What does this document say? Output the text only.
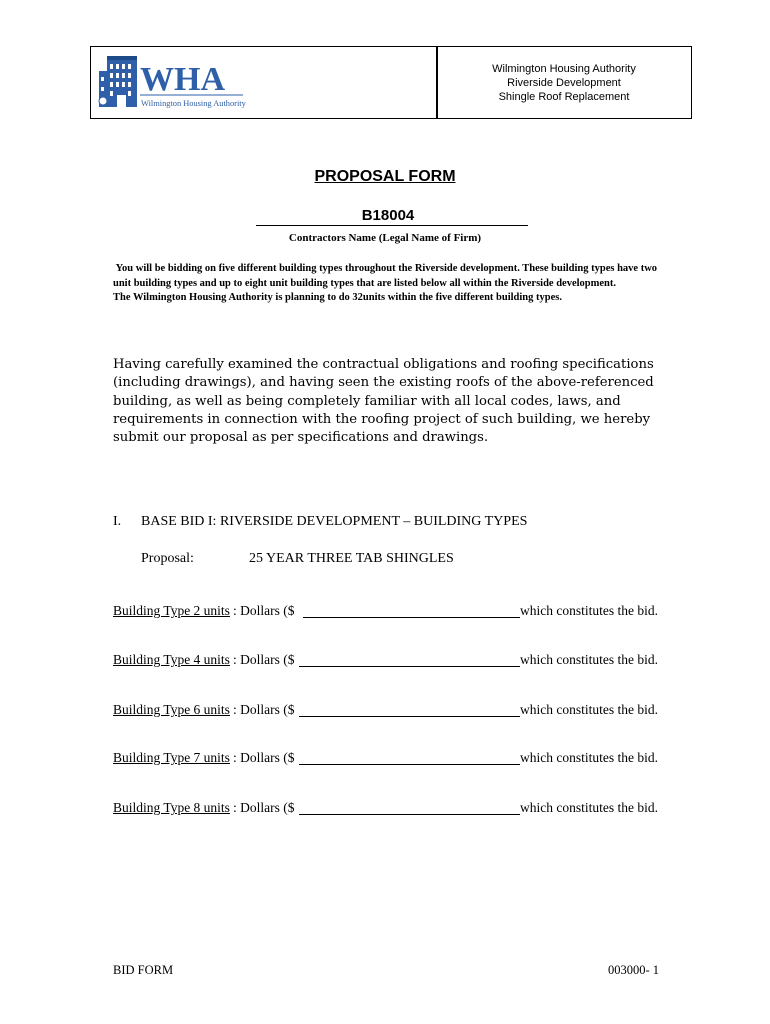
WHA
Wilmington Housing Authority
Wilmington Housing Authority
Riverside Development
Shingle Roof Replacement
PROPOSAL FORM
B18004
Contractors Name (Legal Name of Firm)

You will be bidding on five different building types throughout the Riverside development. These building types have two unit building types and up to eight unit building types that are listed below all within the Riverside development.

The Wilmington Housing Authority is planning to do 32units within the five different building types.

Having carefully examined the contractual obligations and roofing specifications (including drawings), and having seen the existing roofs of the above-referenced building, as well as being completely familiar with all local codes, laws, and requirements in connection with the roofing project of such building, we hereby submit our proposal as per specifications and drawings.
I. BASE BID I: RIVERSIDE DEVELOPMENT – BUILDING TYPES
Proposal:	25 YEAR THREE TAB SHINGLES
Building Type 2 units : Dollars ($	which constitutes the bid.
Building Type 4 units : Dollars ($	which constitutes the bid.
Building Type 6 units : Dollars ($	which constitutes the bid.
Building Type 7 units : Dollars ($	which constitutes the bid.
Building Type 8 units : Dollars ($	which constitutes the bid.
BID FORM	003000- 1
